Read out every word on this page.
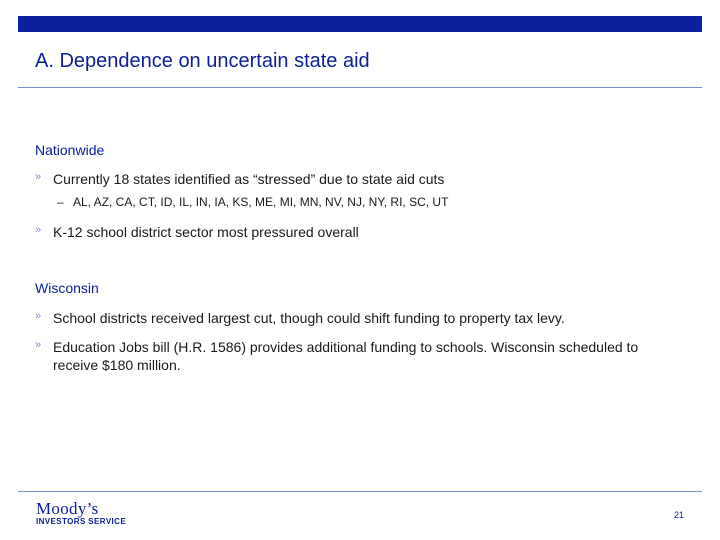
A. Dependence on uncertain state aid
Nationwide
» Currently 18 states identified as “stressed” due to state aid cuts
– AL, AZ, CA, CT, ID, IL, IN, IA, KS, ME, MI, MN, NV, NJ, NY, RI, SC, UT
» K-12 school district sector most pressured overall
Wisconsin
» School districts received largest cut, though could shift funding to property tax levy.
» Education Jobs bill (H.R. 1586) provides additional funding to schools. Wisconsin scheduled to receive $180 million.
Moody’s
INVESTORS SERVICE
21
